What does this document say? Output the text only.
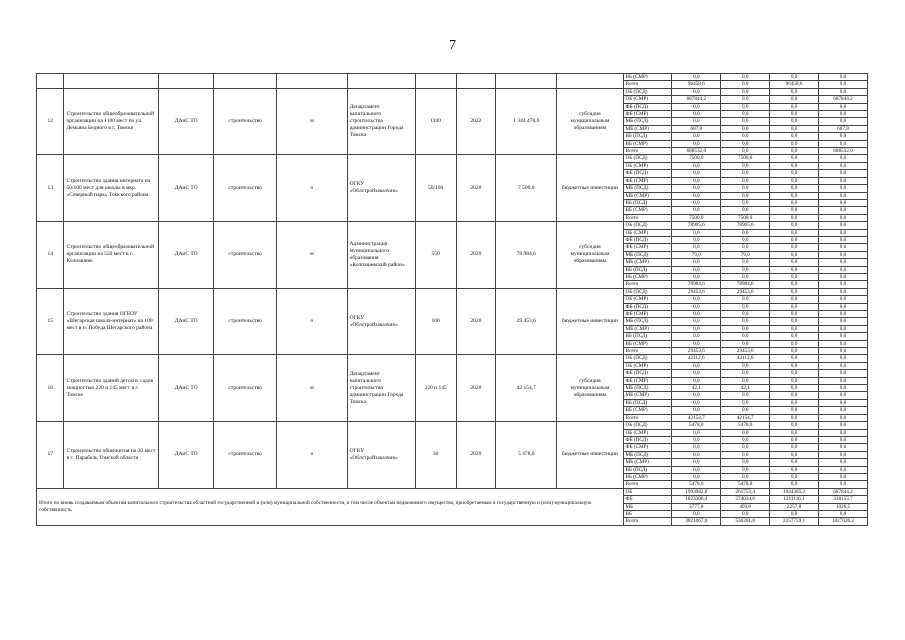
7
										ВБ (СМР)	0,0	0,0	0,0	0,0
										Всего	96458,6	0,0	96458,6	0,0
12	Строительство общеобразовательной организации на 1100 мест по ул. Демьяна Бедного в г. Томске	ДАиС ТО	строительство	м	Департамент капитального строительства администрации Города Томска	1100	2022	1 344 476,6	субсидия муниципальным образованиям	ОБ (ПСД)	0,0	0,0	0,0	0,0
										ОБ (СМР)	687844,2	0,0	0,0	687844,2
										ФБ (ПСД)	0,0	0,0	0,0	0,0
										ФБ (СМР)	0,0	0,0	0,0	0,0
										МБ (ПСД)	0,0	0,0	0,0	0,0
										МБ (СМР)	687,8	0,0	0,0	687,8
										ВБ (ПСД)	0,0	0,0	0,0	0,0
										ВБ (СМР)	0,0	0,0	0,0	0,0
										Всего	688532,0	0,0	0,0	688532,0
13	Строительство здания интерната на 50/100 мест для школы в мкр. «Северный парк» Томского района	ДАиС ТО	строительство	о	ОГКУ «Облстройзаказчик»	50/100	2020	7 500,0	бюджетные инвестиции	ОБ (ПСД)	7500,0	7500,0	0,0	0,0
										ОБ (СМР)	0,0	0,0	0,0	0,0
										ФБ (ПСД)	0,0	0,0	0,0	0,0
										ФБ (СМР)	0,0	0,0	0,0	0,0
										МБ (ПСД)	0,0	0,0	0,0	0,0
										МБ (СМР)	0,0	0,0	0,0	0,0
										ВБ (ПСД)	0,0	0,0	0,0	0,0
										ВБ (СМР)	0,0	0,0	0,0	0,0
										Всего	7500,0	7500,0	0,0	0,0
14	Строительство общеобразовательной организации на 550 мест в г. Колпашево	ДАиС ТО	строительство	м	Администрация муниципального образования «Колпашевский район»	550	2020	78 984,6	субсидия муниципальным образованиям	ОБ (ПСД)	78905,6	78905,6	0,0	0,0
										ОБ (СМР)	0,0	0,0	0,0	0,0
										ФБ (ПСД)	0,0	0,0	0,0	0,0
										ФБ (СМР)	0,0	0,0	0,0	0,0
										МБ (ПСД)	79,0	79,0	0,0	0,0
										МБ (СМР)	0,0	0,0	0,0	0,0
										ВБ (ПСД)	0,0	0,0	0,0	0,0
										ВБ (СМР)	0,0	0,0	0,0	0,0
										Всего	78984,6	78984,6	0,0	0,0
15	Строительство здания ОГБОУ «Шегарская школа-интернат» на 100 мест в п. Победа Шегарского района	ДАиС ТО	строительство	о	ОГКУ «Облстройзаказчик»	100	2020	29 453,6	бюджетные инвестиции	ОБ (ПСД)	29453,6	29453,6	0,0	0,0
										ОБ (СМР)	0,0	0,0	0,0	0,0
										ФБ (ПСД)	0,0	0,0	0,0	0,0
										ФБ (СМР)	0,0	0,0	0,0	0,0
										МБ (ПСД)	0,0	0,0	0,0	0,0
										МБ (СМР)	0,0	0,0	0,0	0,0
										ВБ (ПСД)	0,0	0,0	0,0	0,0
										ВБ (СМР)	0,0	0,0	0,0	0,0
										Всего	29453,6	29453,6	0,0	0,0
16	Строительство зданий детских садов мощностью 220 и 145 мест в г. Томске	ДАиС ТО	строительство	м	Департамент капитального строительства администрации Города Томска	220 и 145	2020	42 154,7	субсидия муниципальным образованиям	ОБ (ПСД)	42112,6	42112,6	0,0	0,0
										ОБ (СМР)	0,0	0,0	0,0	0,0
										ФБ (ПСД)	0,0	0,0	0,0	0,0
										ФБ (СМР)	0,0	0,0	0,0	0,0
										МБ (ПСД)	42,1	42,1	0,0	0,0
										МБ (СМР)	0,0	0,0	0,0	0,0
										ВБ (ПСД)	0,0	0,0	0,0	0,0
										ВБ (СМР)	0,0	0,0	0,0	0,0
										Всего	42154,7	42154,7	0,0	0,0
17	Строительство общежития на 30 мест в с. Парабель Томской области	ДАиС ТО	строительство	о	ОГКУ «Облстройзаказчик»	30	2020	5 478,0	бюджетные инвестиции	ОБ (ПСД)	5478,0	5478,0	0,0	0,0
										ОБ (СМР)	0,0	0,0	0,0	0,0
										ФБ (ПСД)	0,0	0,0	0,0	0,0
										ФБ (СМР)	0,0	0,0	0,0	0,0
										МБ (ПСД)	0,0	0,0	0,0	0,0
										МБ (СМР)	0,0	0,0	0,0	0,0
										ВБ (ПСД)	0,0	0,0	0,0	0,0
										ВБ (СМР)	0,0	0,0	0,0	0,0
										Всего	5478,0	5478,0	0,0	0,0
Итого по вновь создаваемым объектам капитального строительства областной государственной и (или) муниципальной собственности, в том числе объектам недвижимого имущества, приобретаемым в государственную и (или) муниципальную собственность										ОБ	1993982,8	261753,4	1044385,2	687844,2
										ФБ	1823306,4	274034,6	1211116,1	338155,7
										МБ	3777,8	493,8	2257,8	1026,5
										ВБ	0,0	0,0	0,0	0,0
										Всего	3821067,0	536281,8	2257759,1	1027026,2
